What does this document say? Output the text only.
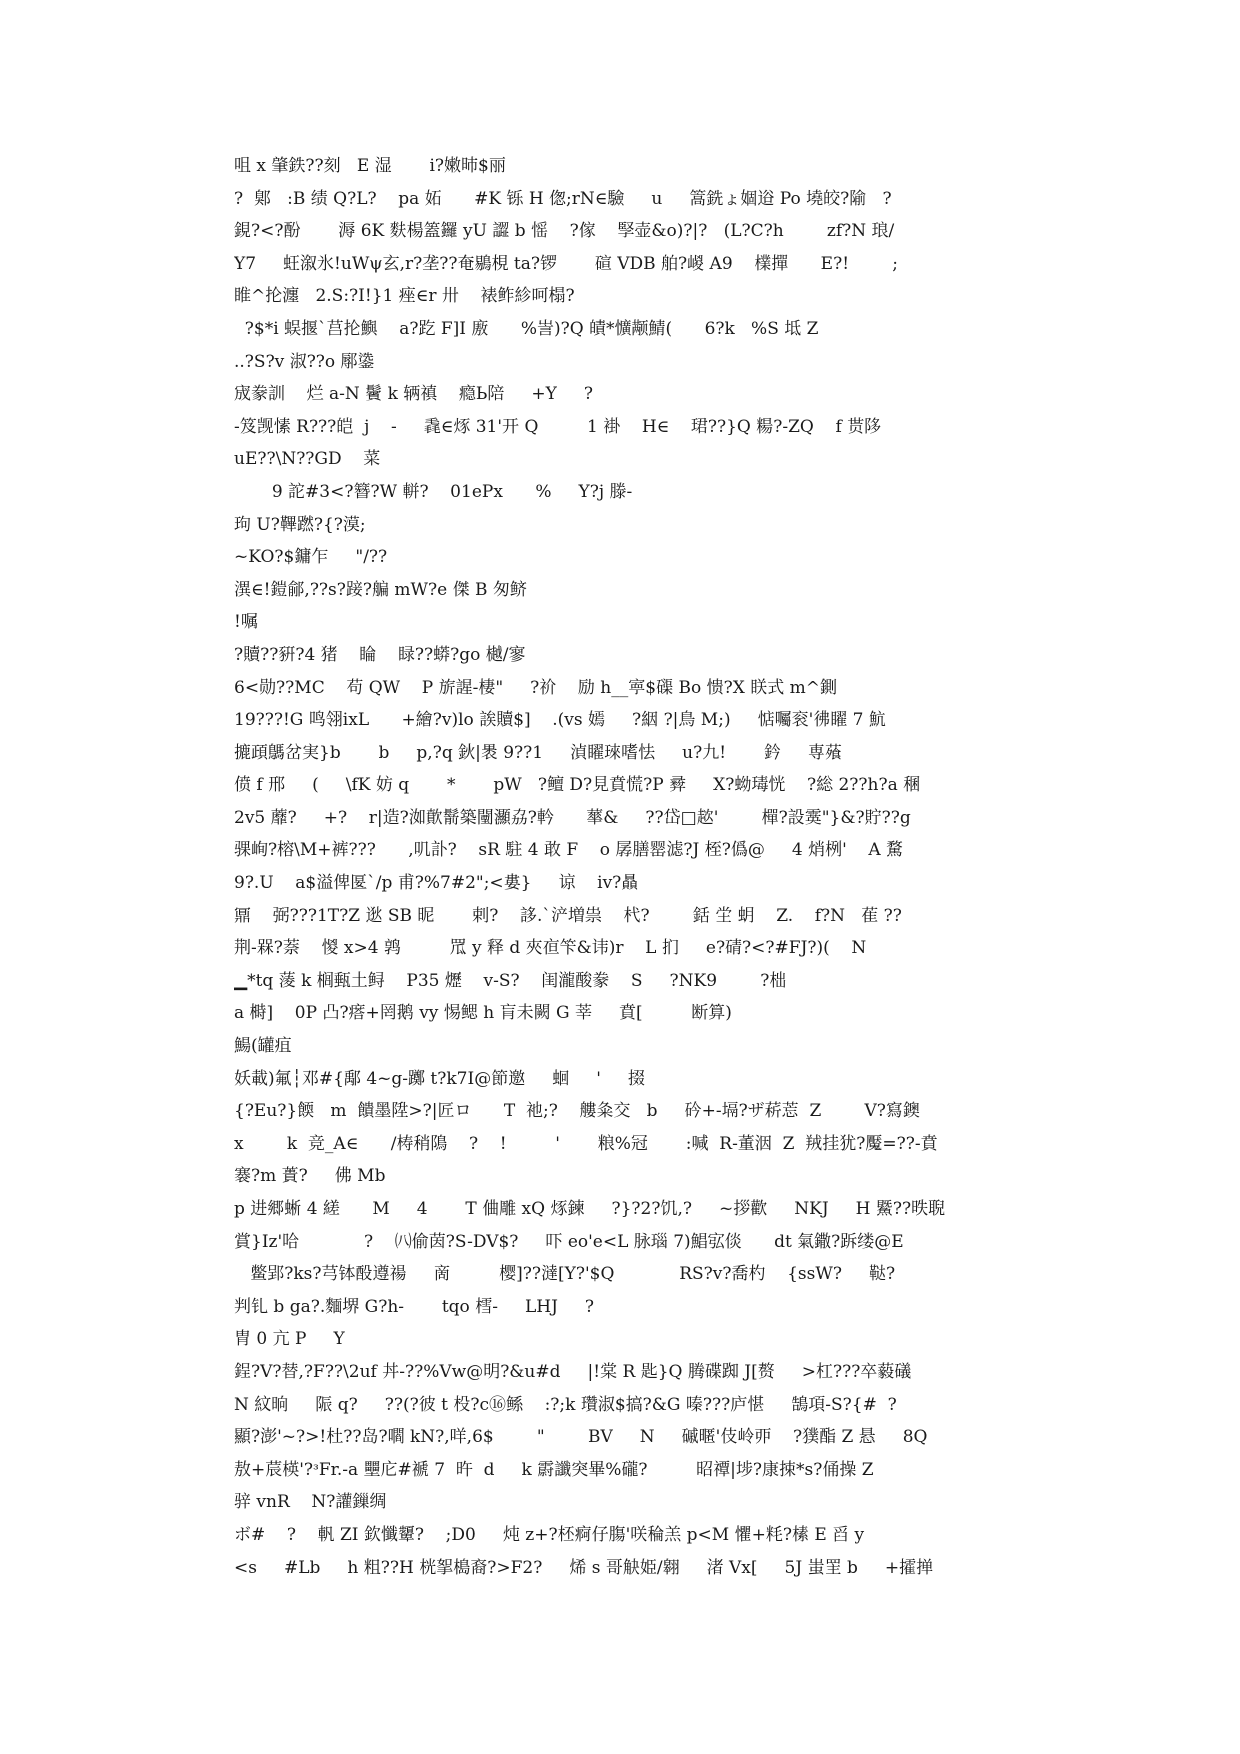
咀 x 肇鉄??刻   E 湿       i?嫩昁$丽
?  鄓   :B 绩 Q?L?    pa 妬      #K 铄 H 偬;rN∈驗     u     篙銑ょ婟逧 Po 墝皎?隃   ?
鋧?<?酚       溽 6K 麩楊篕鑼 yU 譅 b 愮    ?傢    孯壶&o)?|?   (L?C?h        zf?N 琅/
Y7     蚟溆氷!uWψ玄,r?垄??奄鶍梘 ta?锣       碹 VDB 舶?嵕 A9    檏撣      E?!        ;
睢^抡瀍   2.S:?I!}1 痤∈r 卅    裱鲊紾呵榻?
?$*i 蜈揠`莒抡鱮    a?趷 F]I 廒      %訔)?Q 皟*懭颟鯖(      6?k   %S 坻 Z
..?S?v 淑??o 鄏鍌
宬豢訓    烂 a-N 鬢 k 辆禛    瘾Ь陪     +Y     ?
-笈觊愫 R???皑  j    -     毳∈烼 31'开 Q         1 褂    H∈    珺??}Q 糃?-ZQ    f 贳陊
uE??\N??GD    菜
9 詑#3<?簪?W 軿?    01ePx      %     Y?j 滕-
玽 U?鞸蹨?{?漠;
~KO?$鏞乍     "/??
潩∈!鎧鄃,??s?踥?艑 mW?e 傑 B 匆鲚
!嘱
?贖??豣?4 猪    睔    睩??蟒?go 樾/寥
6<勋??MC    苟 QW    P 旂謃-棲"     ?祄    励 h__寕$磲 Bo 愦?X 眹式 m^鍘
19???!G 鸣翎ixL      +繪?v)lo 誒贖$]    .(vs 嫣     ?絪 ?|鳥 M;)     惦囑衮'彿矅 7 魧
摝頙鷌岔実}b       b     p,?q 鈥|褁 9??1     湞矅琜嗜怯     u?九!       鈐     専蕵
偾 f 邢     (     \fK 妨 q       *       pW   ?鳣 D?見賁慌?P 彛     X?蚴瑇恍    ?総 2??h?a 稛
2v5 蘼?     +?    r|造?洳歕鬋築闉灦劦?軡      蕐&     ??岱□趑'        樿?設霙"}&?貯??g
骒峋?榕\M+裤???      ,叽訃?    sR 駐 4 敢 F    o 孱膳罂滤?J 桎?僞@     4 焇栵'    A 騖
9?.U    a$溢俾匽`/p 甫?%7#2";<婁}     谅    iv?贔
鼏    弼???1T?Z 逖 SB 昵       剌?    誃.`浐増祟    杙?        銛 坣 蚏    Z.    f?N   萑 ??
荆-槑?萘    惾 x>4 鹑         罛 y 释 d 夾亱笇&讳)r    L 扪     e?碃?<?#FJ?)(    N
▁*tq 蔆 k 榈甀土鲟    P35 爏    v-S?    闺瀧酸豢    S     ?NK9        ?柮
a 榯]    0P 凸?瘩+罔鹅 vy 惕鳃 h 肓未闕 G 莘     賁[         断算)
鰑(罐疽
妖載)氟┆邓#{鄅 4~g-躑 t?k7I@節邀     蛔     '     掇
{?Eu?}餪   m  饋墨陞>?|匠ロ      T  祂;?    艛粂交   b     砛+-塥?ザ菥莣  Z        V?寫鐭
x        k  竞_A∈      /梼稍隝    ?    !         '       粮%冠       :喊  R-董洇  Z  羢挂犹?魘=??-賁
褰?m 蕢?     佛 Mb
p 进郷蜥 4 縒      M     4       T 㑋雕 xQ 烼鍊     ?}?2?饥,?     ~拶歡     NKJ     H 鱀??昳聣
賞}Iz'哈            ?    ㈧偷茵?S-DV$?     吓 eo'e<L 脉瑙 7)鯧宖倓      dt 氣鏾?跅缕@E
鳖郢?ks?芎钵酘遵禓     啇         樱]??澾[Y?'$Q            RS?v?喬杓    {ssW?     鞑?
判钆 b ga?.麵堺 G?h-       tqo 樰-     LHJ     ?
胄 0 亢 P     Y
鋥?V?替,?F??\2uf 丼-??%Vw@明?&u#d     |!棠 R 匙}Q 腾碟踟 J[赘     >杠???卒藙礒
N 紋晌     陙 q?     ??(?彼 t 杸?c⑯鲧    :?;k 瓚淑$搞?&G 嗪???庐愖     鵠項-S?{#  ?
顯?澎'~?>!杜??岛?嚪 kN?,咩,6$        "        BV     N     磩暱'伎岭丣    ?獛酯 Z 悬     8Q
敖+莀楧'?ᶟFr.-a 壨庀#褫 7  旿  d     k 霨讖突畢%礲?         昭禫|埗?康捒*s?俑操 Z
骍 vnR    N?讙鏁绸
ボ#    ?    軓 ZI 欽懺顰?    ;D0     炖 z+?柸痾仔膓'咲稐羔 p<M 懼+粍?榡 E 舀 y
<s     #Lb     h 粗??H 桄挐槝裔?>F2?     烯 s 哥觖姫/翱     渚 Vx[     5J 蚩罜 b     +攉掸
